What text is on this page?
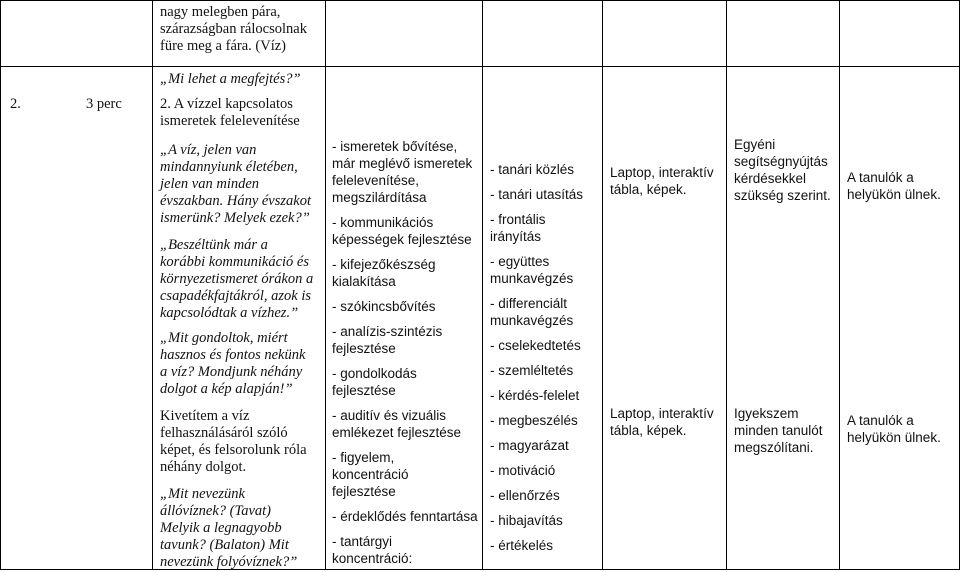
nagy melegben pára,
szárazságban rálocsolnak
füre meg a fára. (Víz)
2.	3 perc
„Mi lehet a megfejtés?”
2. A vízzel kapcsolatos
ismeretek felelevenítése
„A víz, jelen van
mindannyiunk életében,
jelen van minden
évszakban. Hány évszakot
ismerünk? Melyek ezek?”
„Beszéltünk már a
korábbi kommunikáció és
környezetismeret órákon a
csapadékfajtákról, azok is
kapcsolódtak a vízhez.”
„Mit gondoltok, miért
hasznos és fontos nekünk
a víz? Mondjunk néhány
dolgot a kép alapján!”
Kivetítem a víz
felhasználásáról szóló
képet, és felsorolunk róla
néhány dolgot.
„Mit nevezünk
állóvíznek? (Tavat)
Melyik a legnagyobb
tavunk? (Balaton) Mit
nevezünk folyóvíznek?”
- ismeretek bővítése,
már meglévő ismeretek
felelevenítése,
megszilárdítása
- kommunikációs
képességek fejlesztése
- kifejezőkészség
kialakítása
- szókincsbővítés
- analízis-szintézis
fejlesztése
- gondolkodás
fejlesztése
- auditív és vizuális
emlékezet fejlesztése
- figyelem,
koncentráció
fejlesztése
- érdeklődés fenntartása
- tantárgyi
koncentráció:
- tanári közlés
- tanári utasítás
- frontális
irányítás
- együttes
munkavégzés
- differenciált
munkavégzés
- cselekedtetés
- szemléltetés
- kérdés-felelet
- megbeszélés
- magyarázat
- motiváció
- ellenőrzés
- hibajavítás
- értékelés
Laptop, interaktív
tábla, képek.
Laptop, interaktív
tábla, képek.
Egyéni
segítségnyújtás
kérdésekkel
szükség szerint.
Igyekszem
minden tanulót
megszólítani.
A tanulók a
helyükön ülnek.
A tanulók a
helyükön ülnek.
